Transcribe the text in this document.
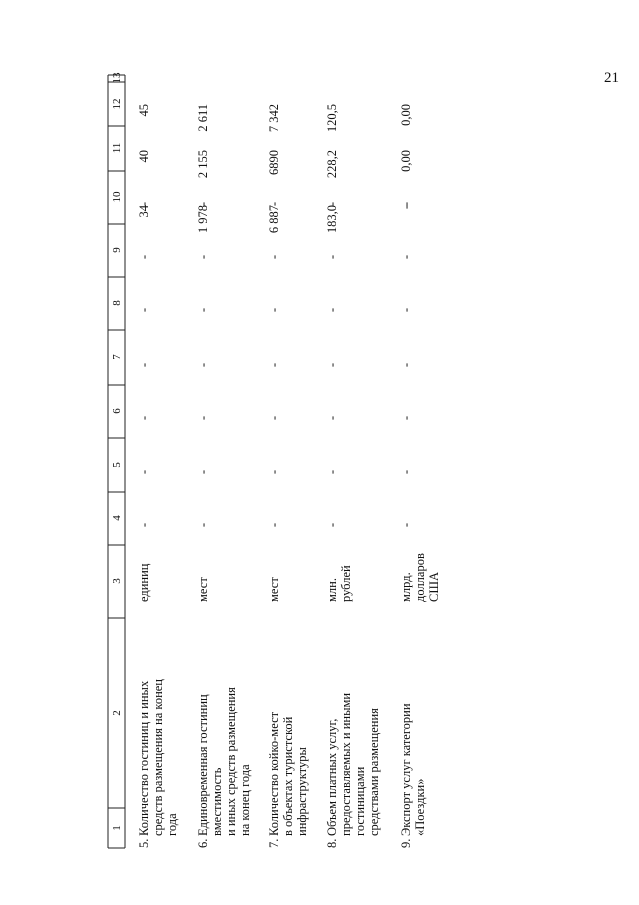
21
1
2
3
4
5
6
7
8
9
10
11
12
13
5.
Количество гостиниц и иныхсредств размещения на конецгода
единиц
-
-
-
-
-
-
-
34
40
45
6.
Единовременная гостиницвместимостьи иных средств размещенияна конец года
мест
-
-
-
-
-
-
-
1 978
2 155
2 611
7.
Количество койко-меств объектах туристскойинфраструктуры
мест
-
-
-
-
-
-
-
6 887
6890
7 342
8.
Объем платных услуг,предоставляемых и инымигостиницамисредствами размещения
млн.рублей
-
-
-
-
-
-
-
183,0
228,2
120,5
9.
Экспорт услуг категории«Поездки»
млрд.долларовСША
-
-
-
-
-
-
-
-
0,00
0,00
